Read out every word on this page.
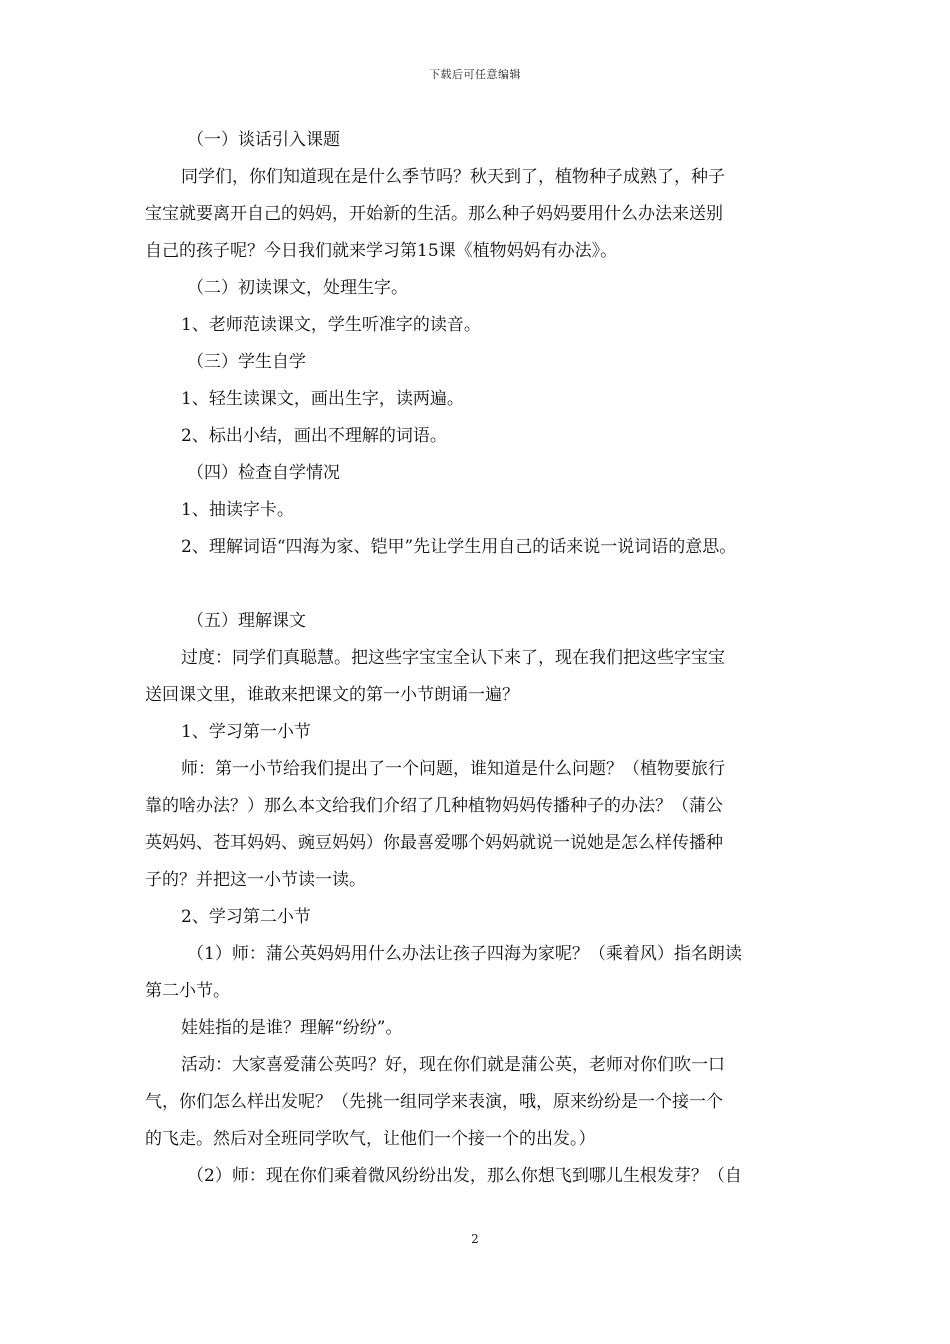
下载后可任意编辑

（一）谈话引入课题

同学们，你们知道现在是什么季节吗？秋天到了，植物种子成熟了，种子

宝宝就要离开自己的妈妈，开始新的生活。那么种子妈妈要用什么办法来送别

自己的孩子呢？今日我们就来学习第15课《植物妈妈有办法》。

（二）初读课文，处理生字。

1、老师范读课文，学生听准字的读音。

（三）学生自学

1、轻生读课文，画出生字，读两遍。

2、标出小结，画出不理解的词语。

（四）检查自学情况

1、抽读字卡。

2、理解词语“四海为家、铠甲”先让学生用自己的话来说一说词语的意思。

（五）理解课文

过度：同学们真聪慧。把这些字宝宝全认下来了，现在我们把这些字宝宝

送回课文里，谁敢来把课文的第一小节朗诵一遍？

1、学习第一小节

师：第一小节给我们提出了一个问题，谁知道是什么问题？（植物要旅行

靠的啥办法？）那么本文给我们介绍了几种植物妈妈传播种子的办法？（蒲公

英妈妈、苍耳妈妈、豌豆妈妈）你最喜爱哪个妈妈就说一说她是怎么样传播种

子的？并把这一小节读一读。

2、学习第二小节

（1）师：蒲公英妈妈用什么办法让孩子四海为家呢？（乘着风）指名朗读

第二小节。

娃娃指的是谁？理解“纷纷”。

活动：大家喜爱蒲公英吗？好，现在你们就是蒲公英，老师对你们吹一口

气，你们怎么样出发呢？（先挑一组同学来表演，哦，原来纷纷是一个接一个

的飞走。然后对全班同学吹气，让他们一个接一个的出发。）

（2）师：现在你们乘着微风纷纷出发，那么你想飞到哪儿生根发芽？（自

2
